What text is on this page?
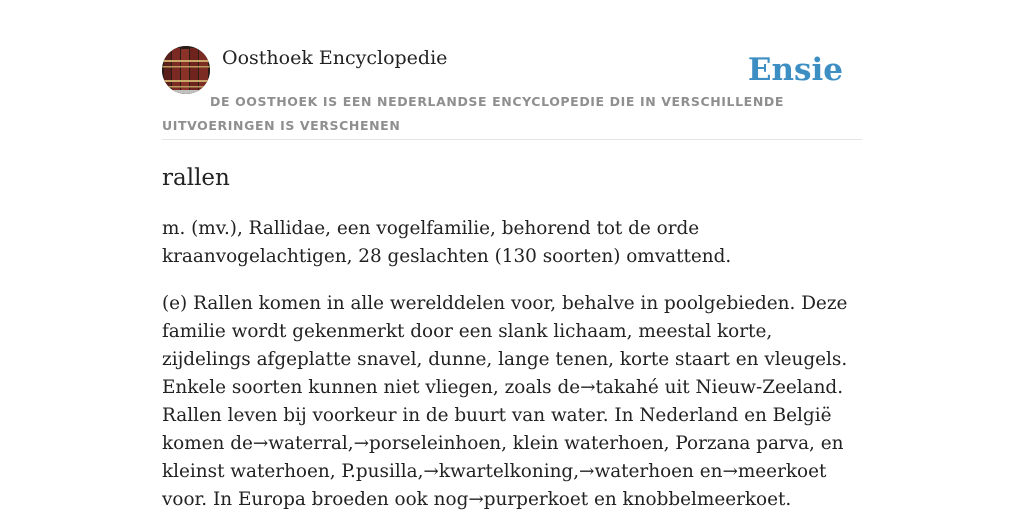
Oosthoek Encyclopedie	Ensie
DE OOSTHOEK IS EEN NEDERLANDSE ENCYCLOPEDIE DIE IN VERSCHILLENDE UITVOERINGEN IS VERSCHENEN
rallen

m. (mv.), Rallidae, een vogelfamilie, behorend tot de orde kraanvogelachtigen, 28 geslachten (130 soorten) omvattend.

(e) Rallen komen in alle werelddelen voor, behalve in poolgebieden. Deze familie wordt gekenmerkt door een slank lichaam, meestal korte, zijdelings afgeplatte snavel, dunne, lange tenen, korte staart en vleugels. Enkele soorten kunnen niet vliegen, zoals de→takahé uit Nieuw-Zeeland. Rallen leven bij voorkeur in de buurt van water. In Nederland en België komen de→waterral,→porseleinhoen, klein waterhoen, Porzana parva, en kleinst waterhoen, P.pusilla,→kwartelkoning,→waterhoen en→meerkoet voor. In Europa broeden ook nog→purperkoet en knobbelmeerkoet.
